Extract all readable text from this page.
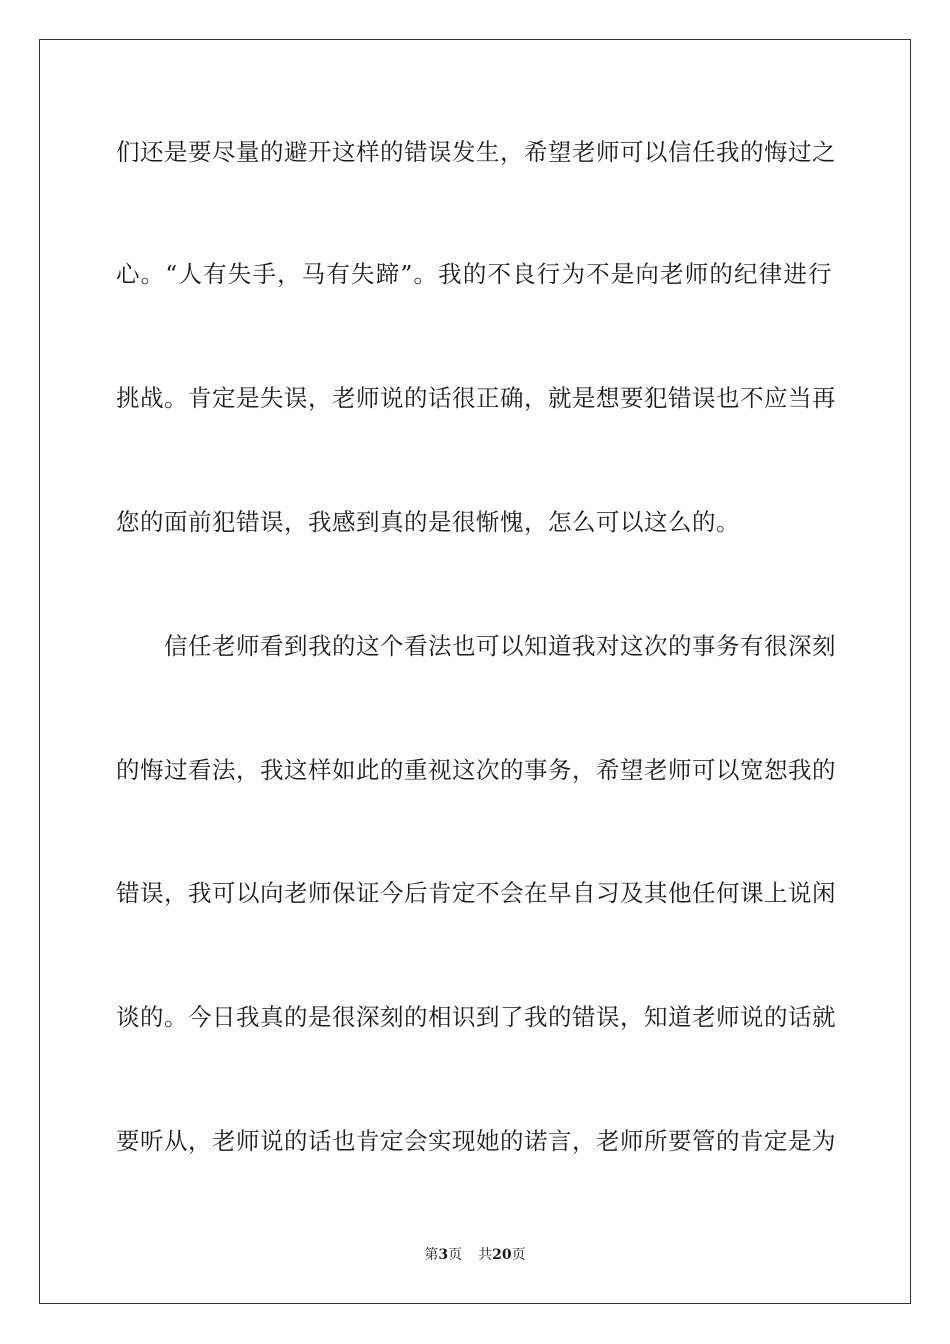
们还是要尽量的避开这样的错误发生，希望老师可以信任我的悔过之
心。“人有失手，马有失蹄”。我的不良行为不是向老师的纪律进行
挑战。肯定是失误，老师说的话很正确，就是想要犯错误也不应当再
您的面前犯错误，我感到真的是很惭愧，怎么可以这么的。
信任老师看到我的这个看法也可以知道我对这次的事务有很深刻
的悔过看法，我这样如此的重视这次的事务，希望老师可以宽恕我的
错误，我可以向老师保证今后肯定不会在早自习及其他任何课上说闲
谈的。今日我真的是很深刻的相识到了我的错误，知道老师说的话就
要听从，老师说的话也肯定会实现她的诺言，老师所要管的肯定是为
第3页 共20页
